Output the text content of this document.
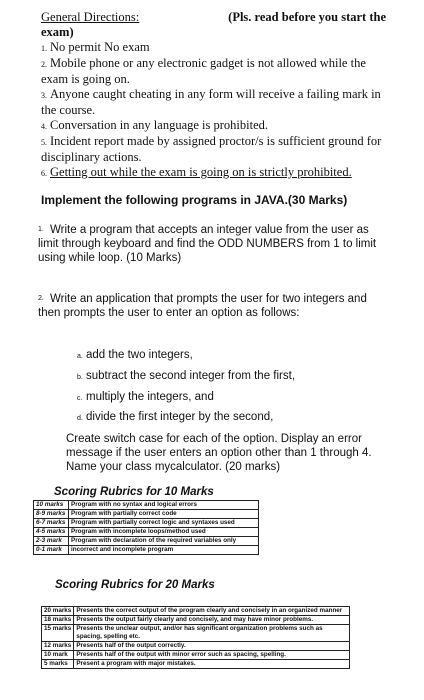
General Directions:	(Pls. read before you start the
exam)
1. No permit No exam
2. Mobile phone or any electronic gadget is not allowed while the exam is going on.
3. Anyone caught cheating in any form will receive a failing mark in the course.
4. Conversation in any language is prohibited.
5. Incident report made by assigned proctor/s is sufficient ground for disciplinary actions.
6. Getting out while the exam is going on is strictly prohibited.
Implement the following programs in JAVA.(30 Marks)
1. Write a program that accepts an integer value from the user as limit through keyboard and find the ODD NUMBERS from 1 to limit using while loop. (10 Marks)
2. Write an application that prompts the user for two integers and then prompts the user to enter an option as follows:
a. add the two integers,
b. subtract the second integer from the first,
c. multiply the integers, and
d. divide the first integer by the second,
Create switch case for each of the option. Display an error message if the user enters an option other than 1 through 4. Name your class mycalculator. (20 marks)
Scoring Rubrics for 10 Marks
10 marks	Program with no syntax and logical errors
8-9 marks	Program with partially correct code
6-7 marks	Program with partially correct logic and syntaxes used
4-5 marks	Program with incomplete loops/method used
2-3 mark	Program with declaration of the required variables only
0-1 mark	incorrect and incomplete program
Scoring Rubrics for 20 Marks
20 marks	Presents the correct output of the program clearly and concisely in an organized manner
18 marks	Presents the output fairly clearly and concisely, and may have minor problems.
15 marks	Presents the unclear output, and/or has significant organization problems such as spacing, spelling etc.
12 marks	Presents half of the output correctly.
10 mark	Presents half of the output with minor error such as spacing, spelling.
5 marks	Present a program with major mistakes.
